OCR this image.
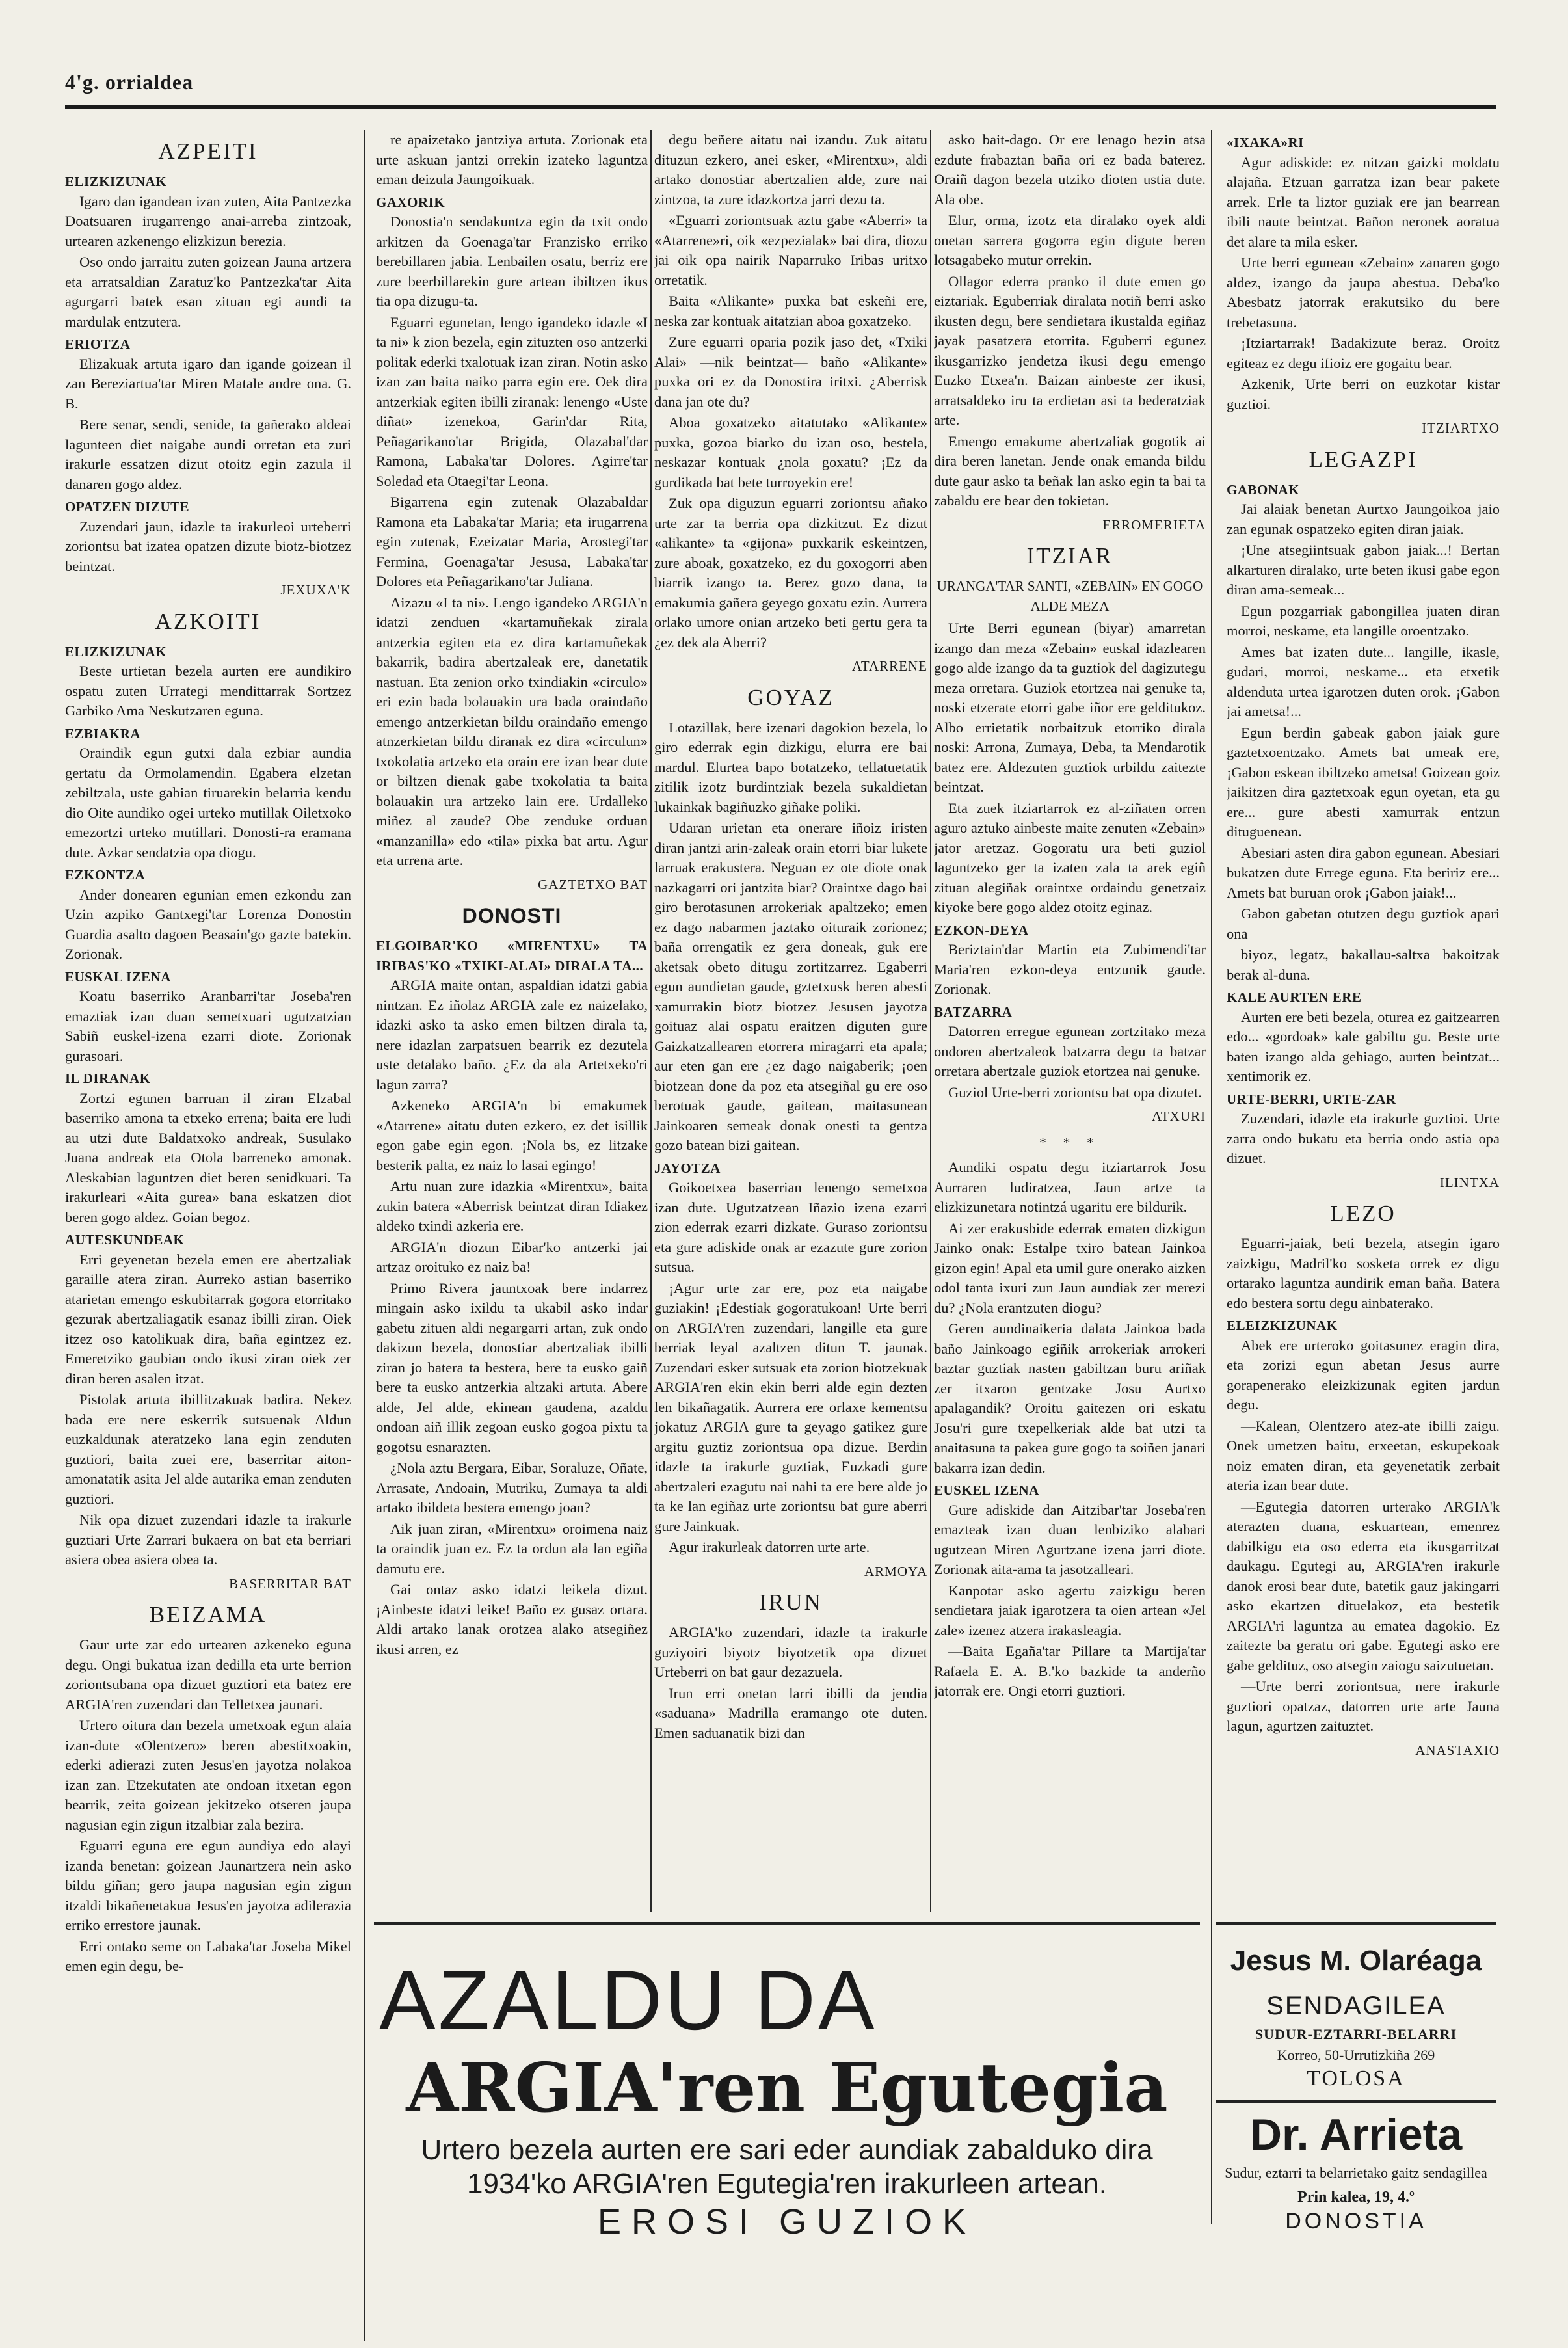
4'g. orrialdea
AZPEITI
ELIZKIZUNAK

Igaro dan igandean izan zuten, Aita Pantzezka Doatsuaren irugarrengo anai-arreba zintzoak, urtearen azkenengo elizkizun berezia.

Oso ondo jarraitu zuten goizean Jauna artzera eta arratsaldian Zaratuz'ko Pantzezka'tar Aita agurgarri batek esan zituan egi aundi ta mardulak entzutera.

ERIOTZA

Elizakuak artuta igaro dan igande goizean il zan Bereziartua'tar Miren Matale andre ona. G. B.

Bere senar, sendi, senide, ta gañerako aldeai lagunteen diet naigabe aundi orretan eta zuri irakurle essatzen dizut otoitz egin zazula il danaren gogo aldez.

OPATZEN DIZUTE

Zuzendari jaun, idazle ta irakurleoi urteberri zoriontsu bat izatea opatzen dizute biotz-biotzez beintzat.

JEXUXA'K
AZKOITI
ELIZKIZUNAK

Beste urtietan bezela aurten ere aundikiro ospatu zuten Urrategi mendittarrak Sortzez Garbiko Ama Neskutzaren eguna.

EZBIAKRA

Oraindik egun gutxi dala ezbiar aundia gertatu da Ormolamendin. Egabera elzetan zebiltzala, uste gabian tiruarekin belarria kendu dio Oite aundiko ogei urteko mutillak Oiletxoko emezortzi urteko mutillari. Donosti-ra eramana dute. Azkar sendatzia opa diogu.

EZKONTZA

Ander donearen egunian emen ezkondu zan Uzin azpiko Gantxegi'tar Lorenza Donostin Guardia asalto dagoen Beasain'go gazte batekin. Zorionak.

EUSKAL IZENA

Koatu baserriko Aranbarri'tar Joseba'ren emaztiak izan duan semetxuari ugutzatzian Sabiñ euskel-izena ezarri diote. Zorionak gurasoari.

IL DIRANAK

Zortzi egunen barruan il ziran Elzabal baserriko amona ta etxeko errena; baita ere ludi au utzi dute Baldatxoko andreak, Susulako Juana andreak eta Otola barreneko amonak. Aleskabian laguntzen diet beren senidkuari. Ta irakurleari «Aita gurea» bana eskatzen diot beren gogo aldez. Goian begoz.

AUTESKUNDEAK

Erri geyenetan bezela emen ere abertzaliak garaille atera ziran. Aurreko astian baserriko atarietan emengo eskubitarrak gogora etorritako gezurak abertzaliagatik esanaz ibilli ziran. Oiek itzez oso katolikuak dira, baña egintzez ez. Emeretziko gaubian ondo ikusi ziran oiek zer diran beren asalen itzat.

Pistolak artuta ibillitzakuak badira. Nekez bada ere nere eskerrik sutsuenak Aldun euzkaldunak ateratzeko lana egin zenduten guztiori, baita zuei ere, baserritar aiton-amonatatik asita Jel alde autarika eman zenduten guztiori.

Nik opa dizuet zuzendari idazle ta irakurle guztiari Urte Zarrari bukaera on bat eta berriari asiera obea asiera obea ta.

BASERRITAR BAT
BEIZAMA

Gaur urte zar edo urtearen azkeneko eguna degu. Ongi bukatua izan dedilla eta urte berrion zoriontsubana opa dizuet guztiori eta batez ere ARGIA'ren zuzendari dan Telletxea jaunari.

Urtero oitura dan bezela umetxoak egun alaia izan-dute «Olentzero» beren abestitxoakin, ederki adierazi zuten Jesus'en jayotza nolakoa izan zan. Etzekutaten ate ondoan itxetan egon bearrik, zeita goizean jekitzeko otseren jaupa nagusian egin zigun itzalbiar zala bezira.

Eguarri eguna ere egun aundiya edo alayi izanda benetan: goizean Jaunartzera nein asko bildu giñan; gero jaupa nagusian egin zigun itzaldi bikañenetakua Jesus'en jayotza adilerazia erriko errestore jaunak.

Erri ontako seme on Labaka'tar Joseba Mikel emen egin degu, be-

re apaizetako jantziya artuta. Zorionak eta urte askuan jantzi orrekin izateko laguntza eman deizula Jaungoikuak.

GAXORIK

Donostia'n sendakuntza egin da txit ondo arkitzen da Goenaga'tar Franzisko erriko berebillaren jabia. Lenbailen osatu, berriz ere zure beerbillarekin gure artean ibiltzen ikus tia opa dizugu-ta.

Eguarri egunetan, lengo igandeko idazle «I ta ni» k zion bezela, egin zituzten oso antzerki politak ederki txalotuak izan ziran. Notin asko izan zan baita naiko parra egin ere. Oek dira antzerkiak egiten ibilli ziranak: lenengo «Uste diñat» izenekoa, Garin'dar Rita, Peñagarikano'tar Brigida, Olazabal'dar Ramona, Labaka'tar Dolores. Agirre'tar Soledad eta Otaegi'tar Leona.

Bigarrena egin zutenak Olazabaldar Ramona eta Labaka'tar Maria; eta irugarrena egin zutenak, Ezeizatar Maria, Arostegi'tar Fermina, Goenaga'tar Jesusa, Labaka'tar Dolores eta Peñagarikano'tar Juliana.

Aizazu «I ta ni». Lengo igandeko ARGIA'n idatzi zenduen «kartamuñekak zirala antzerkia egiten eta ez dira kartamuñekak bakarrik, badira abertzaleak ere, danetatik nastuan. Eta zenion orko txindiakin «circulo» eri ezin bada bolauakin ura bada oraindaño emengo antzerkietan bildu oraindaño emengo atnzerkietan bildu diranak ez dira «circulun» txokolatia artzeko eta orain ere izan bear dute or biltzen dienak gabe txokolatia ta baita bolauakin ura artzeko lain ere. Urdalleko miñez al zaude? Obe zenduke orduan «manzanilla» edo «tila» pixka bat artu. Agur eta urrena arte.

GAZTETXO BAT
DONOSTI
ELGOIBAR'KO «MIRENTXU» TA IRIBAS'KO «TXIKI-ALAI» DIRALA TA...

ARGIA maite ontan, aspaldian idatzi gabia nintzan. Ez iñolaz ARGIA zale ez naizelako, idazki asko ta asko emen biltzen dirala ta, nere idazlan zarpatsuen bearrik ez dezutela uste detalako baño. ¿Ez da ala Artetxeko'ri lagun zarra?

Azkeneko ARGIA'n bi emakumek «Atarrene» aitatu duten ezkero, ez det isillik egon gabe egin egon. ¡Nola bs, ez litzake besterik palta, ez naiz lo lasai egingo!

Artu nuan zure idazkia «Mirentxu», baita zukin batera «Aberrisk beintzat diran Idiakez aldeko txindi azkeria ere.

ARGIA'n diozun Eibar'ko antzerki jai artzaz oroituko ez naiz ba!

Primo Rivera jauntxoak bere indarrez mingain asko ixildu ta ukabil asko indar gabetu zituen aldi negargarri artan, zuk ondo dakizun bezela, donostiar abertzaliak ibilli ziran jo batera ta bestera, bere ta eusko gaiñ bere ta eusko antzerkia altzaki artuta. Abere alde, Jel alde, ekinean gaudena, azaldu ondoan aiñ illik zegoan eusko gogoa pixtu ta gogotsu esnarazten.

¿Nola aztu Bergara, Eibar, Soraluze, Oñate, Arrasate, Andoain, Mutriku, Zumaya ta aldi artako ibildeta bestera emengo joan?

Aik juan ziran, «Mirentxu» oroimena naiz ta oraindik juan ez. Ez ta ordun ala lan egiña damutu ere.

Gai ontaz asko idatzi leikela dizut. ¡Ainbeste idatzi leike! Baño ez gusaz ortara. Aldi artako lanak orotzea alako atsegiñez ikusi arren, ez

degu beñere aitatu nai izandu. Zuk aitatu dituzun ezkero, anei esker, «Mirentxu», aldi artako donostiar abertzalien alde, zure nai zintzoa, ta zure idazkortza jarri dezu ta.

«Eguarri zoriontsuak aztu gabe «Aberri» ta «Atarrene»ri, oik «ezpezialak» bai dira, diozu jai oik opa nairik Naparruko Iribas uritxo orretatik.

Baita «Alikante» puxka bat eskeñi ere, neska zar kontuak aitatzian aboa goxatzeko.

Zure eguarri oparia pozik jaso det, «Txiki Alai» —nik beintzat— baño «Alikante» puxka ori ez da Donostira iritxi. ¿Aberrisk dana jan ote du?

Aboa goxatzeko aitatutako «Alikante» puxka, gozoa biarko du izan oso, bestela, neskazar kontuak ¿nola goxatu? ¡Ez da gurdikada bat bete turroyekin ere!

Zuk opa diguzun eguarri zoriontsu añako urte zar ta berria opa dizkitzut. Ez dizut «alikante» ta «gijona» puxkarik eskeintzen, zure aboak, goxatzeko, ez du goxogorri aben biarrik izango ta. Berez gozo dana, ta emakumia gañera geyego goxatu ezin. Aurrera orlako umore onian artzeko beti gertu gera ta ¿ez dek ala Aberri?

ATARRENE
GOYAZ

Lotazillak, bere izenari dagokion bezela, lo giro ederrak egin dizkigu, elurra ere bai mardul. Elurtea bapo botatzeko, tellatuetatik zitilik izotz burdintziak bezela sukaldietan lukainkak bagiñuzko giñake poliki.

Udaran urietan eta onerare iñoiz iristen diran jantzi arin-zaleak orain etorri biar lukete larruak erakustera. Neguan ez ote diote onak nazkagarri ori jantzita biar? Oraintxe dago bai giro berotasunen arrokeriak apaltzeko; emen ez dago nabarmen jaztako oituraik zorionez; baña orrengatik ez gera doneak, guk ere aketsak obeto ditugu zortitzarrez. Egaberri egun aundietan gaude, gztetxusk beren abesti xamurrakin biotz biotzez Jesusen jayotza goituaz alai ospatu eraitzen diguten gure Gaizkatzallearen etorrera miragarri eta apala; aur eten gan ere ¿ez dago naigaberik; ¡oen biotzean done da poz eta atsegiñal gu ere oso berotuak gaude, gaitean, maitasunean Jainkoaren semeak donak onesti ta gentza gozo batean bizi gaitean.

JAYOTZA

Goikoetxea baserrian lenengo semetxoa izan dute. Ugutzatzean Iñazio izena ezarri zion ederrak ezarri dizkate. Guraso zoriontsu eta gure adiskide onak ar ezazute gure zorion sutsua.

¡Agur urte zar ere, poz eta naigabe guziakin! ¡Edestiak gogoratukoan! Urte berri on ARGIA'ren zuzendari, langille eta gure berriak leyal azaltzen ditun T. jaunak. Zuzendari esker sutsuak eta zorion biotzekuak ARGIA'ren ekin ekin berri alde egin dezten len bikañagatik. Aurrera ere orlaxe kementsu jokatuz ARGIA gure ta geyago gatikez gure argitu guztiz zoriontsua opa dizue. Berdin idazle ta irakurle guztiak, Euzkadi gure abertzaleri ezagutu nai nahi ta ere bere alde jo ta ke lan egiñaz urte zoriontsu bat gure aberri gure Jainkuak.

Agur irakurleak datorren urte arte.

ARMOYA
IRUN

ARGIA'ko zuzendari, idazle ta irakurle guziyoiri biyotz biyotzetik opa dizuet Urteberri on bat gaur dezazuela.

Irun erri onetan larri ibilli da jendia «saduana» Madrilla eramango ote duten. Emen saduanatik bizi dan

asko bait-dago. Or ere lenago bezin atsa ezdute frabaztan baña ori ez bada baterez. Oraiñ dagon bezela utziko dioten ustia dute. Ala obe.

Elur, orma, izotz eta diralako oyek aldi onetan sarrera gogorra egin digute beren lotsagabeko mutur orrekin.

Ollagor ederra pranko il dute emen go eiztariak. Eguberriak diralata notiñ berri asko ikusten degu, bere sendietara ikustalda egiñaz jayak pasatzera etorrita. Eguberri egunez ikusgarrizko jendetza ikusi degu emengo Euzko Etxea'n. Baizan ainbeste zer ikusi, arratsaldeko iru ta erdietan asi ta bederatziak arte.

Emengo emakume abertzaliak gogotik ai dira beren lanetan. Jende onak emanda bildu dute gaur asko ta beñak lan asko egin ta bai ta zabaldu ere bear den tokietan.

ERROMERIETA
ITZIAR
URANGA'TAR SANTI, «ZEBAIN» EN GOGO ALDE MEZA

Urte Berri egunean (biyar) amarretan izango dan meza «Zebain» euskal idazlearen gogo alde izango da ta guztiok del dagizutegu meza orretara. Guziok etortzea nai genuke ta, noski etzerate etorri gabe iñor ere gelditukoz. Albo errietatik norbaitzuk etorriko dirala noski: Arrona, Zumaya, Deba, ta Mendarotik batez ere. Aldezuten guztiok urbildu zaitezte beintzat.

Eta zuek itziartarrok ez al-ziñaten orren aguro aztuko ainbeste maite zenuten «Zebain» jator aretzaz. Gogoratu ura beti guziol laguntzeko ger ta izaten zala ta arek egiñ zituan alegiñak oraintxe ordaindu genetzaiz kiyoke bere gogo aldez otoitz eginaz.

EZKON-DEYA

Beriztain'dar Martin eta Zubimendi'tar Maria'ren ezkon-deya entzunik gaude. Zorionak.

BATZARRA

Datorren erregue egunean zortzitako meza ondoren abertzaleok batzarra degu ta batzar orretara abertzale guziok etortzea nai genuke.

Guziol Urte-berri zoriontsu bat opa dizutet.

ATXURI
* * *

Aundiki ospatu degu itziartarrok Josu Aurraren ludiratzea, Jaun artze ta elizkizunetara notintzá ugaritu ere bildurik.

Ai zer erakusbide ederrak ematen dizkigun Jainko onak: Estalpe txiro batean Jainkoa gizon egin! Apal eta umil gure onerako aizken odol tanta ixuri zun Jaun aundiak zer merezi du? ¿Nola erantzuten diogu?

Geren aundinaikeria dalata Jainkoa bada baño Jainkoago egiñik arrokeriak arrokeri baztar guztiak nasten gabiltzan buru ariñak zer itxaron gentzake Josu Aurtxo apalagandik? Oroitu gaitezen ori eskatu Josu'ri gure txepelkeriak alde bat utzi ta anaitasuna ta pakea gure gogo ta soiñen janari bakarra izan dedin.

EUSKEL IZENA

Gure adiskide dan Aitzibar'tar Joseba'ren emazteak izan duan lenbiziko alabari ugutzean Miren Agurtzane izena jarri diote. Zorionak aita-ama ta jasotzalleari.

Kanpotar asko agertu zaizkigu beren sendietara jaiak igarotzera ta oien artean «Jel zale» izenez atzera irakasleagia.

—Baita Egaña'tar Pillare ta Martija'tar Rafaela E. A. B.'ko bazkide ta anderño jatorrak ere. Ongi etorri guztiori.

«IXAKA»RI

Agur adiskide: ez nitzan gaizki moldatu alajaña. Etzuan garratza izan bear pakete arrek. Erle ta liztor guziak ere jan bearrean ibili naute beintzat. Bañon neronek aoratua det alare ta mila esker.

Urte berri egunean «Zebain» zanaren gogo aldez, izango da jaupa abestua. Deba'ko Abesbatz jatorrak erakutsiko du bere trebetasuna.

¡Itziartarrak! Badakizute beraz. Oroitz egiteaz ez degu ifioiz ere gogaitu bear.

Azkenik, Urte berri on euzkotar kistar guztioi.

ITZIARTXO
LEGAZPI
GABONAK

Jai alaiak benetan Aurtxo Jaungoikoa jaio zan egunak ospatzeko egiten diran jaiak.

¡Une atsegiintsuak gabon jaiak...! Bertan alkarturen diralako, urte beten ikusi gabe egon diran ama-semeak...

Egun pozgarriak gabongillea juaten diran morroi, neskame, eta langille oroentzako.

Ames bat izaten dute... langille, ikasle, gudari, morroi, neskame... eta etxetik aldenduta urtea igarotzen duten orok. ¡Gabon jai ametsa!...

Egun berdin gabeak gabon jaiak gure gaztetxoentzako. Amets bat umeak ere, ¡Gabon eskean ibiltzeko ametsa! Goizean goiz jaikitzen dira gaztetxoak egun oyetan, eta gu ere... gure abesti xamurrak entzun dituguenean.

Abesiari asten dira gabon egunean. Abesiari bukatzen dute Errege eguna. Eta beririz ere... Amets bat buruan orok ¡Gabon jaiak!...

Gabon gabetan otutzen degu guztiok apari ona

biyoz, legatz, bakallau-saltxa bakoitzak berak al-duna.

KALE AURTEN ERE

Aurten ere beti bezela, oturea ez gaitzearren edo... «gordoak» kale gabiltu gu. Beste urte baten izango alda gehiago, aurten beintzat... xentimorik ez.

URTE-BERRI, URTE-ZAR

Zuzendari, idazle eta irakurle guztioi. Urte zarra ondo bukatu eta berria ondo astia opa dizuet.

ILINTXA
LEZO

Eguarri-jaiak, beti bezela, atsegin igaro zaizkigu, Madril'ko sosketa orrek ez digu ortarako laguntza aundirik eman baña. Batera edo bestera sortu degu ainbaterako.

ELEIZKIZUNAK

Abek ere urteroko goitasunez eragin dira, eta zorizi egun abetan Jesus aurre gorapenerako eleizkizunak egiten jardun degu.

—Kalean, Olentzero atez-ate ibilli zaigu. Onek umetzen baitu, erxeetan, eskupekoak noiz ematen diran, eta geyenetatik zerbait ateria izan bear dute.

—Egutegia datorren urterako ARGIA'k aterazten duana, eskuartean, emenrez dabilkigu eta oso ederra eta ikusgarritzat daukagu. Egutegi au, ARGIA'ren irakurle danok erosi bear dute, batetik gauz jakingarri asko ekartzen dituelakoz, eta bestetik ARGIA'ri laguntza au ematea dagokio. Ez zaitezte ba geratu ori gabe. Egutegi asko ere gabe geldituz, oso atsegin zaiogu saizutuetan.

—Urte berri zoriontsua, nere irakurle guztiori opatzaz, datorren urte arte Jauna lagun, agurtzen zaituztet.

ANASTAXIO
AZALDU DA
ARGIA'ren Egutegia
Urtero bezela aurten ere sari eder aundiak zabalduko dira
1934'ko ARGIA'ren Egutegia'ren irakurleen artean.
EROSI GUZIOK
Jesus M. Olaréaga
SENDAGILEA
SUDUR-EZTARRI-BELARRI
Korreo, 50-Urrutizkiña 269
TOLOSA
Dr. Arrieta
Sudur, eztarri ta belarrietako gaitz sendagillea
Prin kalea, 19, 4.º
DONOSTIA
